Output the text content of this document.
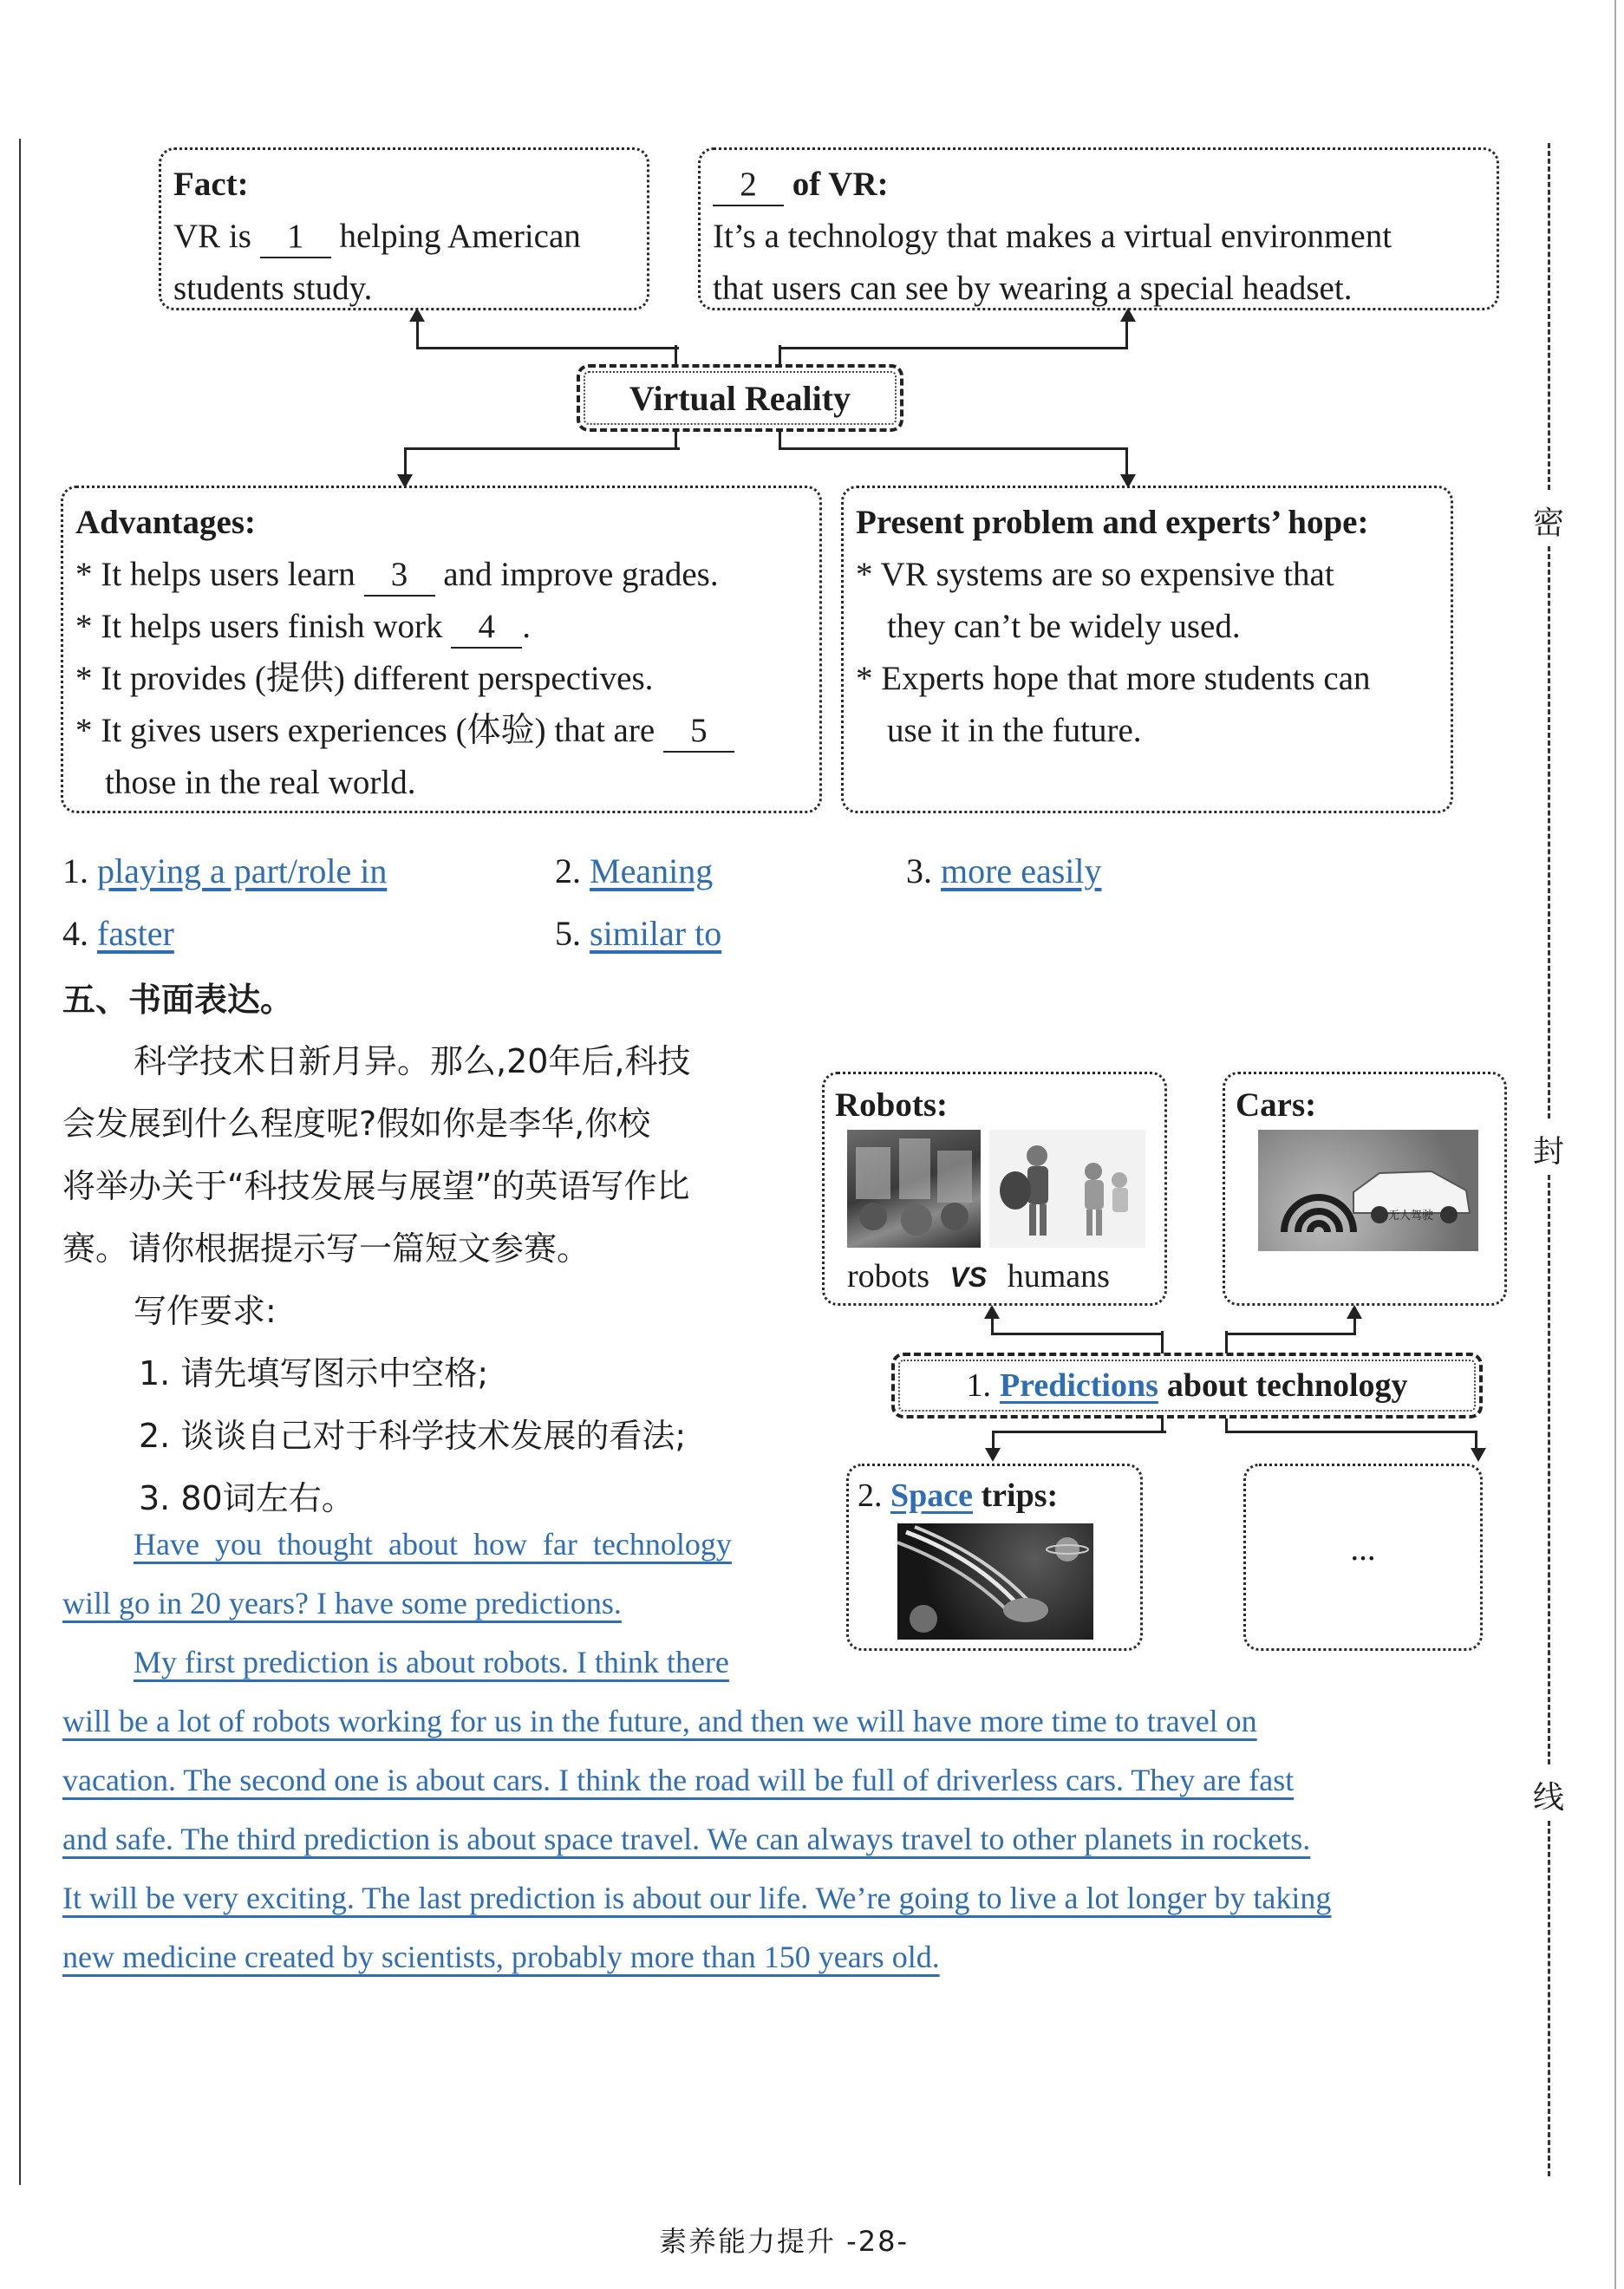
Fact:
VR is 1 helping American
students study.
2 of VR:
It’s a technology that makes a virtual environment
that users can see by wearing a special headset.
Virtual Reality
Advantages:
* It helps users learn 3 and improve grades.
* It helps users finish work 4 .
* It provides (提供) different perspectives.
* It gives users experiences (体验) that are 5
those in the real world.
Present problem and experts’ hope:
* VR systems are so expensive that
they can’t be widely used.
* Experts hope that more students can
use it in the future.
1. playing a part/role in	2. Meaning	3. more easily
4. faster	5. similar to
五、书面表达。
科学技术日新月异。那么,20年后,科技
会发展到什么程度呢?假如你是李华,你校
将举办关于“科技发展与展望”的英语写作比
赛。请你根据提示写一篇短文参赛。
写作要求:
1. 请先填写图示中空格;
2. 谈谈自己对于科学技术发展的看法;
3. 80词左右。
Robots:
robots VS humans
Cars:
无人驾驶
1. Predictions about technology
2. Space trips:
...
Have  you  thought  about  how  far  technology
will go in 20 years? I have some predictions.
My first prediction is about robots. I think there
will be a lot of robots working for us in the future, and then we will have more time to travel on
vacation. The second one is about cars. I think the road will be full of driverless cars. They are fast
and safe. The third prediction is about space travel. We can always travel to other planets in rockets.
It will be very exciting. The last prediction is about our life. We’re going to live a lot longer by taking
new medicine created by scientists, probably more than 150 years old.
密
封
线
素养能力提升 -28-
